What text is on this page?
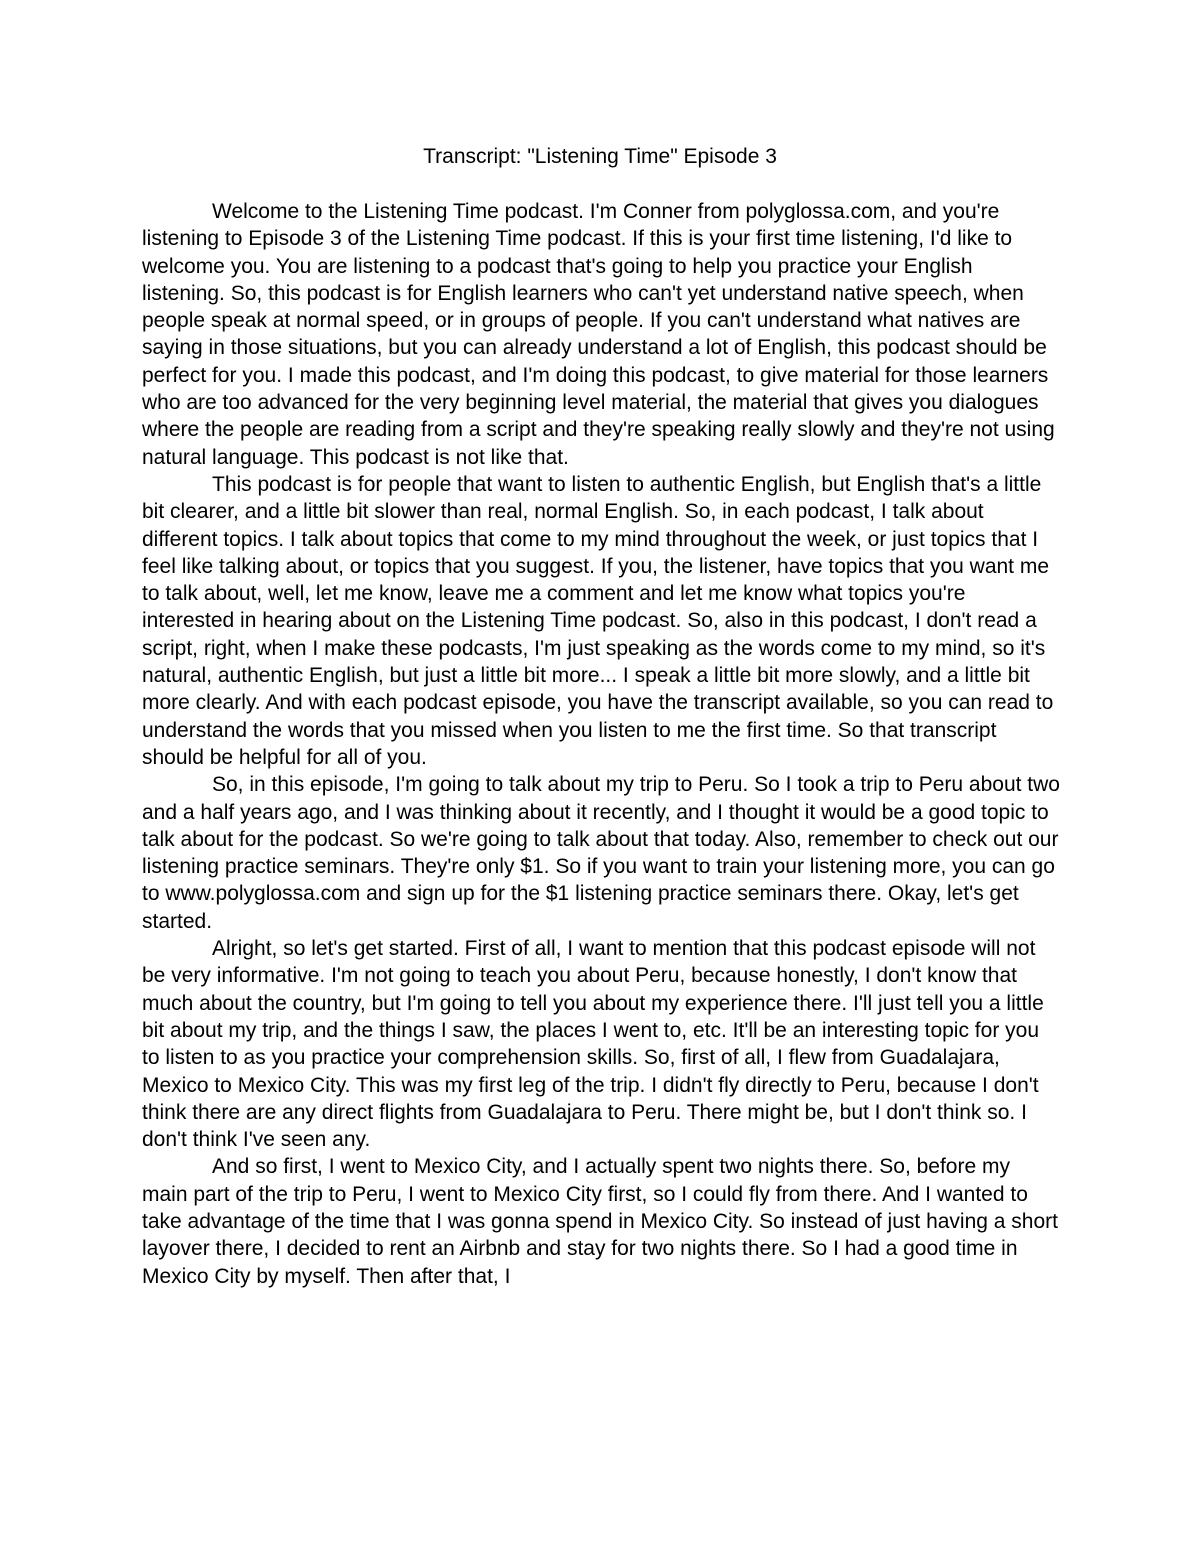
Transcript: "Listening Time" Episode 3

Welcome to the Listening Time podcast. I'm Conner from polyglossa.com, and you're listening to Episode 3 of the Listening Time podcast. If this is your first time listening, I'd like to welcome you. You are listening to a podcast that's going to help you practice your English listening. So, this podcast is for English learners who can't yet understand native speech, when people speak at normal speed, or in groups of people. If you can't understand what natives are saying in those situations, but you can already understand a lot of English, this podcast should be perfect for you. I made this podcast, and I'm doing this podcast, to give material for those learners who are too advanced for the very beginning level material, the material that gives you dialogues where the people are reading from a script and they're speaking really slowly and they're not using natural language. This podcast is not like that.

This podcast is for people that want to listen to authentic English, but English that's a little bit clearer, and a little bit slower than real, normal English. So, in each podcast, I talk about different topics. I talk about topics that come to my mind throughout the week, or just topics that I feel like talking about, or topics that you suggest. If you, the listener, have topics that you want me to talk about, well, let me know, leave me a comment and let me know what topics you're interested in hearing about on the Listening Time podcast. So, also in this podcast, I don't read a script, right, when I make these podcasts, I'm just speaking as the words come to my mind, so it's natural, authentic English, but just a little bit more... I speak a little bit more slowly, and a little bit more clearly. And with each podcast episode, you have the transcript available, so you can read to understand the words that you missed when you listen to me the first time. So that transcript should be helpful for all of you.

So, in this episode, I'm going to talk about my trip to Peru. So I took a trip to Peru about two and a half years ago, and I was thinking about it recently, and I thought it would be a good topic to talk about for the podcast. So we're going to talk about that today. Also, remember to check out our listening practice seminars. They're only $1. So if you want to train your listening more, you can go to www.polyglossa.com and sign up for the $1 listening practice seminars there. Okay, let's get started.

Alright, so let's get started. First of all, I want to mention that this podcast episode will not be very informative. I'm not going to teach you about Peru, because honestly, I don't know that much about the country, but I'm going to tell you about my experience there. I'll just tell you a little bit about my trip, and the things I saw, the places I went to, etc. It'll be an interesting topic for you to listen to as you practice your comprehension skills. So, first of all, I flew from Guadalajara, Mexico to Mexico City. This was my first leg of the trip. I didn't fly directly to Peru, because I don't think there are any direct flights from Guadalajara to Peru. There might be, but I don't think so. I don't think I've seen any.

And so first, I went to Mexico City, and I actually spent two nights there. So, before my main part of the trip to Peru, I went to Mexico City first, so I could fly from there. And I wanted to take advantage of the time that I was gonna spend in Mexico City. So instead of just having a short layover there, I decided to rent an Airbnb and stay for two nights there. So I had a good time in Mexico City by myself. Then after that, I
